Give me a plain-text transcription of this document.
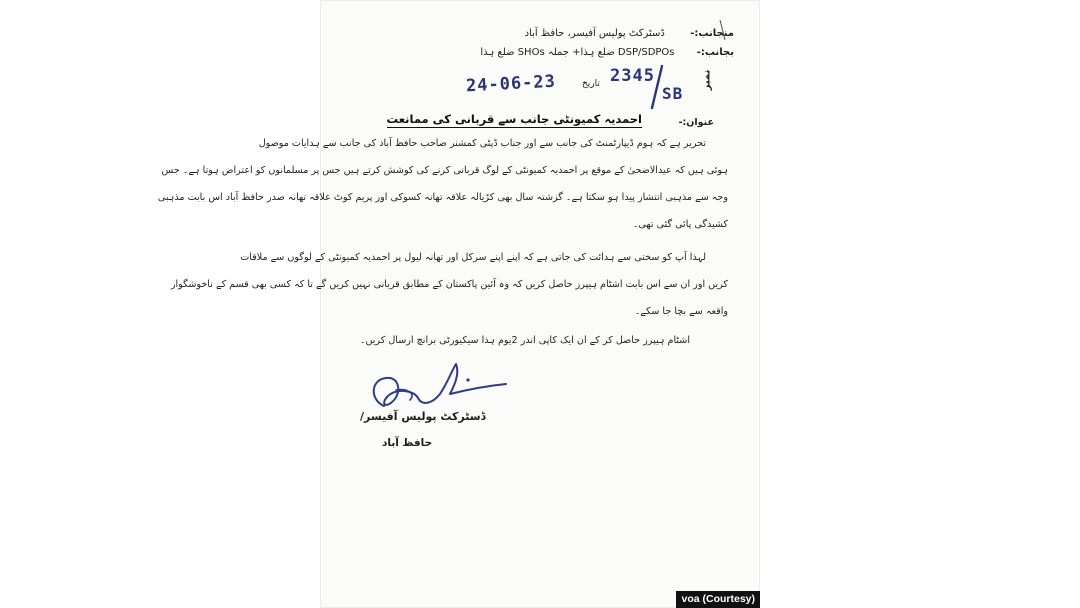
منجانب:-        ڈسٹرکٹ پولیس آفیسر، حافظ آباد
بجانب:-       DSP/SDPOs ضلع ہذا+ جملہ SHOs ضلع ہذا
نمبر
2345
SB
تاریخ
24-06-23
عنوان:-
احمدیہ کمیونٹی جانب سے قربانی کی ممانعت
تحریر ہے کہ ہوم ڈیپارٹمنٹ کی جانب سے اور جناب ڈپٹی کمشنر صاحب حافظ آباد کی جانب سے ہدایات موصول
ہوئی ہیں کہ عیدالاضحیٰ کے موقع پر احمدیہ کمیونٹی کے لوگ قربانی کرنے کی کوشش کرتے ہیں جس پر مسلمانوں کو اعتراض ہوتا ہے۔ جس
وجہ سے مذہبی انتشار پیدا ہو سکتا ہے۔ گزشتہ سال بھی کڑیالہ علاقہ تھانہ کسوکی اور پریم کوٹ علاقہ تھانہ صدر حافظ آباد اس بابت مذہبی
کشیدگی پائی گئی تھی۔
لہذا آپ کو سختی سے ہدائت کی جاتی ہے کہ اپنے اپنے سرکل اور تھانہ لیول پر احمدیہ کمیونٹی کے لوگوں سے ملاقات
کریں اور ان سے اس بابت اشٹام ہیپرز حاصل کریں کہ وہ آئین پاکستان کے مطابق قربانی نہیں کریں گے تا کہ کسی بھی قسم کے ناخوشگوار
واقعہ سے بچا جا سکے۔
اشٹام ہیپرز حاصل کر کے ان ایک کاپی اندر 2یوم ہذا سیکیورٹی برانچ ارسال کریں۔
ڈسٹرکٹ پولیس آفیسر/
حافظ آباد
voa (Courtesy)
